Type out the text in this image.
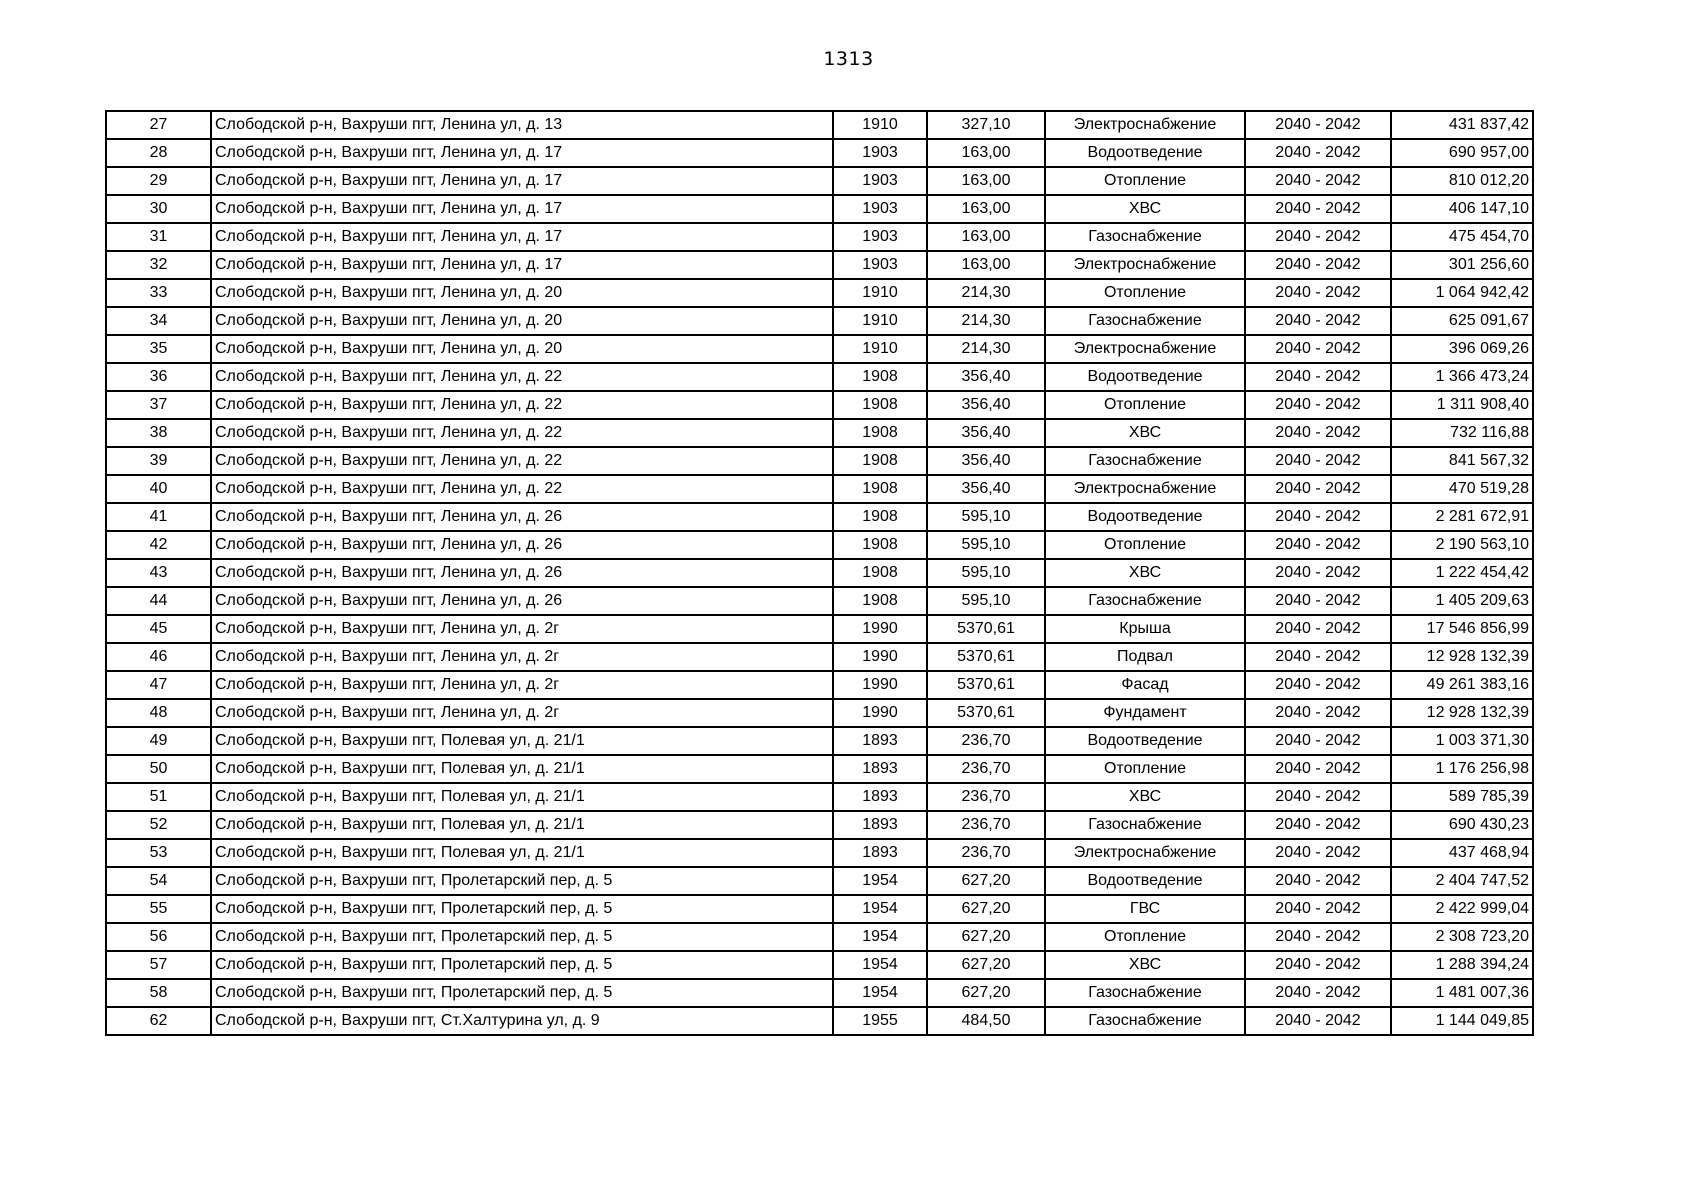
1313
27	Слободской р-н, Вахруши пгт, Ленина ул, д. 13	1910	327,10	Электроснабжение	2040 - 2042	431 837,42
28	Слободской р-н, Вахруши пгт, Ленина ул, д. 17	1903	163,00	Водоотведение	2040 - 2042	690 957,00
29	Слободской р-н, Вахруши пгт, Ленина ул, д. 17	1903	163,00	Отопление	2040 - 2042	810 012,20
30	Слободской р-н, Вахруши пгт, Ленина ул, д. 17	1903	163,00	ХВС	2040 - 2042	406 147,10
31	Слободской р-н, Вахруши пгт, Ленина ул, д. 17	1903	163,00	Газоснабжение	2040 - 2042	475 454,70
32	Слободской р-н, Вахруши пгт, Ленина ул, д. 17	1903	163,00	Электроснабжение	2040 - 2042	301 256,60
33	Слободской р-н, Вахруши пгт, Ленина ул, д. 20	1910	214,30	Отопление	2040 - 2042	1 064 942,42
34	Слободской р-н, Вахруши пгт, Ленина ул, д. 20	1910	214,30	Газоснабжение	2040 - 2042	625 091,67
35	Слободской р-н, Вахруши пгт, Ленина ул, д. 20	1910	214,30	Электроснабжение	2040 - 2042	396 069,26
36	Слободской р-н, Вахруши пгт, Ленина ул, д. 22	1908	356,40	Водоотведение	2040 - 2042	1 366 473,24
37	Слободской р-н, Вахруши пгт, Ленина ул, д. 22	1908	356,40	Отопление	2040 - 2042	1 311 908,40
38	Слободской р-н, Вахруши пгт, Ленина ул, д. 22	1908	356,40	ХВС	2040 - 2042	732 116,88
39	Слободской р-н, Вахруши пгт, Ленина ул, д. 22	1908	356,40	Газоснабжение	2040 - 2042	841 567,32
40	Слободской р-н, Вахруши пгт, Ленина ул, д. 22	1908	356,40	Электроснабжение	2040 - 2042	470 519,28
41	Слободской р-н, Вахруши пгт, Ленина ул, д. 26	1908	595,10	Водоотведение	2040 - 2042	2 281 672,91
42	Слободской р-н, Вахруши пгт, Ленина ул, д. 26	1908	595,10	Отопление	2040 - 2042	2 190 563,10
43	Слободской р-н, Вахруши пгт, Ленина ул, д. 26	1908	595,10	ХВС	2040 - 2042	1 222 454,42
44	Слободской р-н, Вахруши пгт, Ленина ул, д. 26	1908	595,10	Газоснабжение	2040 - 2042	1 405 209,63
45	Слободской р-н, Вахруши пгт, Ленина ул, д. 2г	1990	5370,61	Крыша	2040 - 2042	17 546 856,99
46	Слободской р-н, Вахруши пгт, Ленина ул, д. 2г	1990	5370,61	Подвал	2040 - 2042	12 928 132,39
47	Слободской р-н, Вахруши пгт, Ленина ул, д. 2г	1990	5370,61	Фасад	2040 - 2042	49 261 383,16
48	Слободской р-н, Вахруши пгт, Ленина ул, д. 2г	1990	5370,61	Фундамент	2040 - 2042	12 928 132,39
49	Слободской р-н, Вахруши пгт, Полевая ул, д. 21/1	1893	236,70	Водоотведение	2040 - 2042	1 003 371,30
50	Слободской р-н, Вахруши пгт, Полевая ул, д. 21/1	1893	236,70	Отопление	2040 - 2042	1 176 256,98
51	Слободской р-н, Вахруши пгт, Полевая ул, д. 21/1	1893	236,70	ХВС	2040 - 2042	589 785,39
52	Слободской р-н, Вахруши пгт, Полевая ул, д. 21/1	1893	236,70	Газоснабжение	2040 - 2042	690 430,23
53	Слободской р-н, Вахруши пгт, Полевая ул, д. 21/1	1893	236,70	Электроснабжение	2040 - 2042	437 468,94
54	Слободской р-н, Вахруши пгт, Пролетарский пер, д. 5	1954	627,20	Водоотведение	2040 - 2042	2 404 747,52
55	Слободской р-н, Вахруши пгт, Пролетарский пер, д. 5	1954	627,20	ГВС	2040 - 2042	2 422 999,04
56	Слободской р-н, Вахруши пгт, Пролетарский пер, д. 5	1954	627,20	Отопление	2040 - 2042	2 308 723,20
57	Слободской р-н, Вахруши пгт, Пролетарский пер, д. 5	1954	627,20	ХВС	2040 - 2042	1 288 394,24
58	Слободской р-н, Вахруши пгт, Пролетарский пер, д. 5	1954	627,20	Газоснабжение	2040 - 2042	1 481 007,36
62	Слободской р-н, Вахруши пгт, Ст.Халтурина ул, д. 9	1955	484,50	Газоснабжение	2040 - 2042	1 144 049,85
